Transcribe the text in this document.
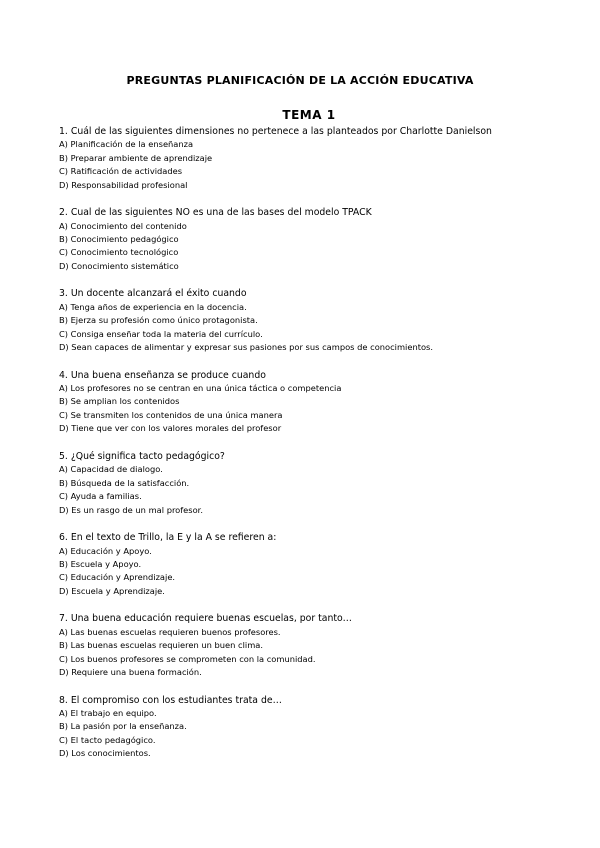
PREGUNTAS PLANIFICACIÓN DE LA ACCIÓN EDUCATIVA
TEMA 1
1. Cuál de las siguientes dimensiones no pertenece a las planteados por Charlotte Danielson
A) Planificación de la enseñanza
B) Preparar ambiente de aprendizaje
C) Ratificación de actividades
D) Responsabilidad profesional
2. Cual de las siguientes NO es una de las bases del modelo TPACK
A) Conocimiento del contenido
B) Conocimiento pedagógico
C) Conocimiento tecnológico
D) Conocimiento sistemático
3. Un docente alcanzará el éxito cuando
A) Tenga años de experiencia en la docencia.
B) Ejerza su profesión como único protagonista.
C) Consiga enseñar toda la materia del currículo.
D) Sean capaces de alimentar y expresar sus pasiones por sus campos de conocimientos.
4. Una buena enseñanza se produce cuando
A) Los profesores no se centran en una única táctica o competencia
B) Se amplian los contenidos
C) Se transmiten los contenidos de una única manera
D) Tiene que ver con los valores morales del profesor
5. ¿Qué significa tacto pedagógico?
A) Capacidad de dialogo.
B) Búsqueda de la satisfacción.
C) Ayuda a familias.
D) Es un rasgo de un mal profesor.
6. En el texto de Trillo, la E y la A se refieren a:
A) Educación y Apoyo.
B) Escuela y Apoyo.
C) Educación y Aprendizaje.
D) Escuela y Aprendizaje.
7. Una buena educación requiere buenas escuelas, por tanto…
A) Las buenas escuelas requieren buenos profesores.
B) Las buenas escuelas requieren un buen clima.
C) Los buenos profesores se comprometen con la comunidad.
D) Requiere una buena formación.
8. El compromiso con los estudiantes trata de…
A) El trabajo en equipo.
B) La pasión por la enseñanza.
C) El tacto pedagógico.
D) Los conocimientos.
